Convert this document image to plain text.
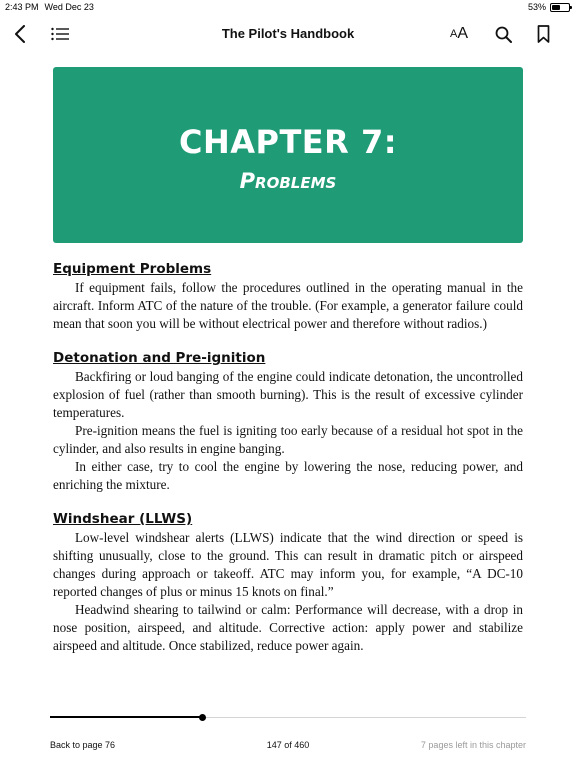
2:43 PM Wed Dec 23	53%
The Pilot's Handbook	A A
CHAPTER 7:
Problems
Equipment Problems

If equipment fails, follow the procedures outlined in the operating manual in the aircraft. Inform ATC of the nature of the trouble. (For example, a generator failure could mean that soon you will be without electrical power and therefore without radios.)

Detonation and Pre-ignition

Backfiring or loud banging of the engine could indicate detonation, the uncontrolled explosion of fuel (rather than smooth burning). This is the result of excessive cylinder temperatures.

Pre-ignition means the fuel is igniting too early because of a residual hot spot in the cylinder, and also results in engine banging.

In either case, try to cool the engine by lowering the nose, reducing power, and enriching the mixture.

Windshear (LLWS)

Low-level windshear alerts (LLWS) indicate that the wind direction or speed is shifting unusually, close to the ground. This can result in dramatic pitch or airspeed changes during approach or takeoff. ATC may inform you, for example, “A DC-10 reported changes of plus or minus 15 knots on final.”

Headwind shearing to tailwind or calm: Performance will decrease, with a drop in nose position, airspeed, and altitude. Corrective action: apply power and stabilize airspeed and altitude. Once stabilized, reduce power again.

Back to page 76	147 of 460	7 pages left in this chapter
